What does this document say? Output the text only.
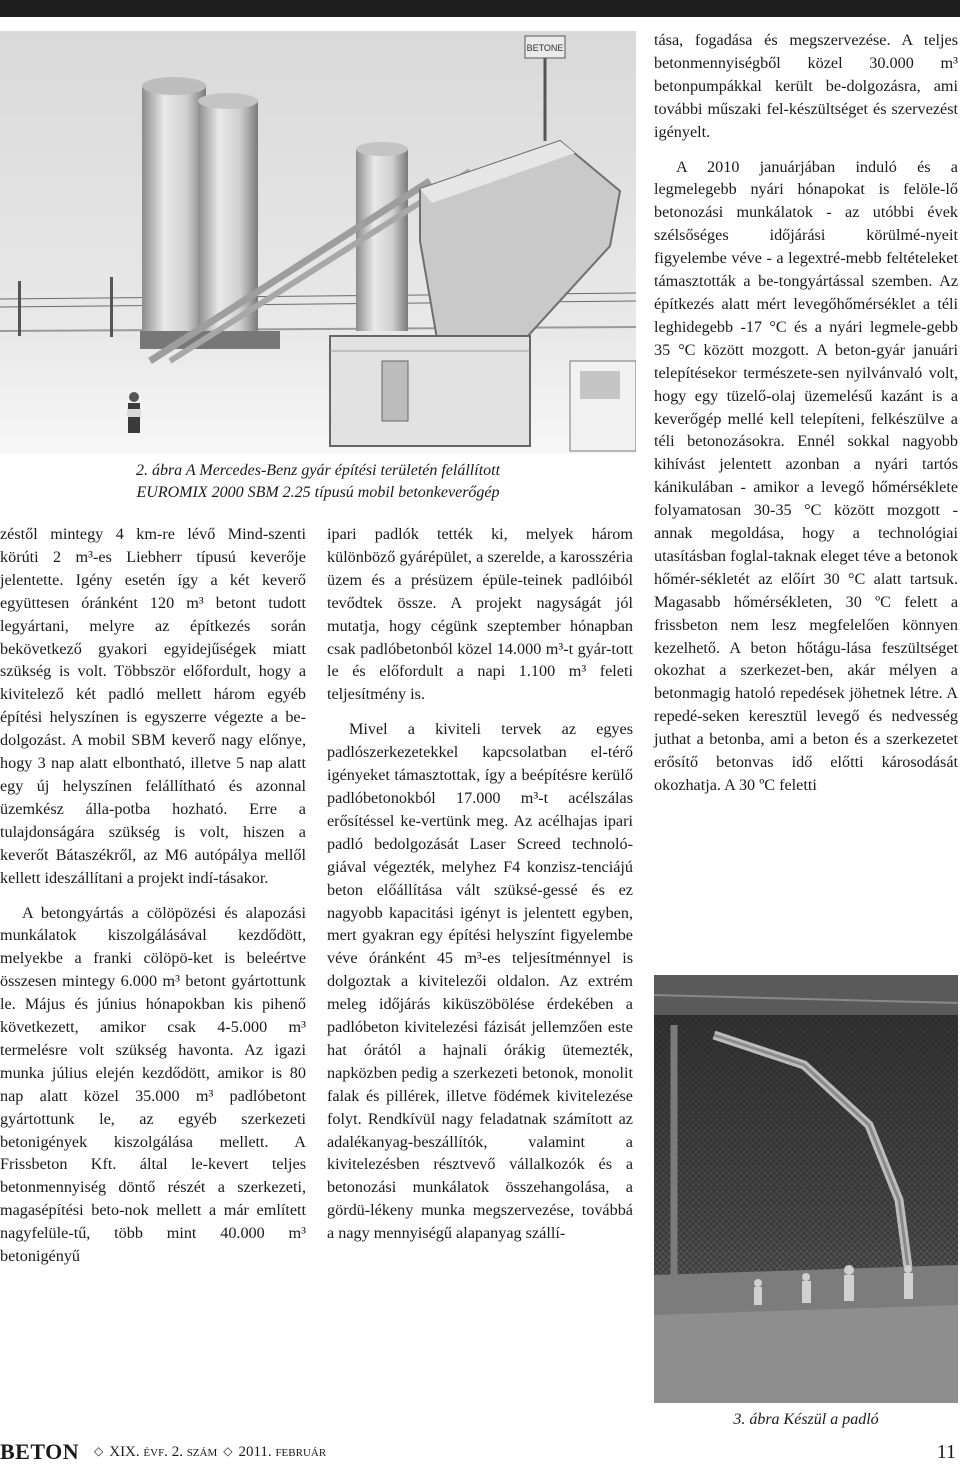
BETONE
2. ábra A Mercedes-Benz gyár építési területén felállított
EUROMIX 2000 SBM 2.25 típusú mobil betonkeverőgép

zéstől mintegy 4 km-re lévő Mind-szenti körúti 2 m³-es Liebherr típusú keverője jelentette. Igény esetén így a két keverő együttesen óránként 120 m³ betont tudott legyártani, melyre az építkezés során bekövetkező gyakori egyidejűségek miatt szükség is volt. Többször előfordult, hogy a kivitelező két padló mellett három egyéb építési helyszínen is egyszerre végezte a be-dolgozást. A mobil SBM keverő nagy előnye, hogy 3 nap alatt elbontható, illetve 5 nap alatt egy új helyszínen felállítható és azonnal üzemkész álla-potba hozható. Erre a tulajdonságára szükség is volt, hiszen a keverőt Bátaszékről, az M6 autópálya mellől kellett ideszállítani a projekt indí-tásakor.

A betongyártás a cölöpözési és alapozási munkálatok kiszolgálásával kezdődött, melyekbe a franki cölöpö-ket is beleértve összesen mintegy 6.000 m³ betont gyártottunk le. Május és június hónapokban kis pihenő következett, amikor csak 4-5.000 m³ termelésre volt szükség havonta. Az igazi munka július elején kezdődött, amikor is 80 nap alatt közel 35.000 m³ padlóbetont gyártottunk le, az egyéb szerkezeti betonigények kiszolgálása mellett. A Frissbeton Kft. által le-kevert teljes betonmennyiség döntő részét a szerkezeti, magasépítési beto-nok mellett a már említett nagyfelüle-tű, több mint 40.000 m³ betonigényű

ipari padlók tették ki, melyek három különböző gyárépület, a szerelde, a karosszéria üzem és a présüzem épüle-teinek padlóiból tevődtek össze. A projekt nagyságát jól mutatja, hogy cégünk szeptember hónapban csak padlóbetonból közel 14.000 m³-t gyár-tott le és előfordult a napi 1.100 m³ feleti teljesítmény is.

Mivel a kiviteli tervek az egyes padlószerkezetekkel kapcsolatban el-térő igényeket támasztottak, így a beépítésre kerülő padlóbetonokból 17.000 m³-t acélszálas erősítéssel ke-vertünk meg. Az acélhajas ipari padló bedolgozását Laser Screed technoló-giával végezték, melyhez F4 konzisz-tenciájú beton előállítása vált szüksé-gessé és ez nagyobb kapacitási igényt is jelentett egyben, mert gyakran egy építési helyszínt figyelembe véve óránként 45 m³-es teljesítménnyel is dolgoztak a kivitelezői oldalon. Az extrém meleg időjárás kiküszöbölése érdekében a padlóbeton kivitelezési fázisát jellemzően este hat órától a hajnali órákig ütemezték, napközben pedig a szerkezeti betonok, monolit falak és pillérek, illetve födémek kivitelezése folyt. Rendkívül nagy feladatnak számított az adalékanyag-beszállítók, valamint a kivitelezésben résztvevő vállalkozók és a betonozási munkálatok összehangolása, a gördü-lékeny munka megszervezése, továbbá a nagy mennyiségű alapanyag szállí-

tása, fogadása és megszervezése. A teljes betonmennyiségből közel 30.000 m³ betonpumpákkal került be-dolgozásra, ami további műszaki fel-készültséget és szervezést igényelt.

A 2010 januárjában induló és a legmelegebb nyári hónapokat is felöle-lő betonozási munkálatok - az utóbbi évek szélsőséges időjárási körülmé-nyeit figyelembe véve - a legextré-mebb feltételeket támasztották a be-tongyártással szemben. Az építkezés alatt mért levegőhőmérséklet a téli leghidegebb -17 °C és a nyári legmele-gebb 35 °C között mozgott. A beton-gyár januári telepítésekor természete-sen nyilvánvaló volt, hogy egy tüzelő-olaj üzemelésű kazánt is a keverőgép mellé kell telepíteni, felkészülve a téli betonozásokra. Ennél sokkal nagyobb kihívást jelentett azonban a nyári tartós kánikulában - amikor a levegő hőmérséklete folyamatosan 30-35 °C között mozgott - annak megoldása, hogy a technológiai utasításban foglal-taknak eleget téve a betonok hőmér-sékletét az előírt 30 °C alatt tartsuk. Magasabb hőmérsékleten, 30 ºC felett a frissbeton nem lesz megfelelően könnyen kezelhető. A beton hőtágu-lása feszültséget okozhat a szerkezet-ben, akár mélyen a betonmagig hatoló repedések jöhetnek létre. A repedé-seken keresztül levegő és nedvesség juthat a betonba, ami a beton és a szerkezetet erősítő betonvas idő előtti károsodását okozhatja. A 30 ºC feletti

3. ábra Készül a padló
BETON	◇ XIX. évf. 2. szám ◇ 2011. február	11
